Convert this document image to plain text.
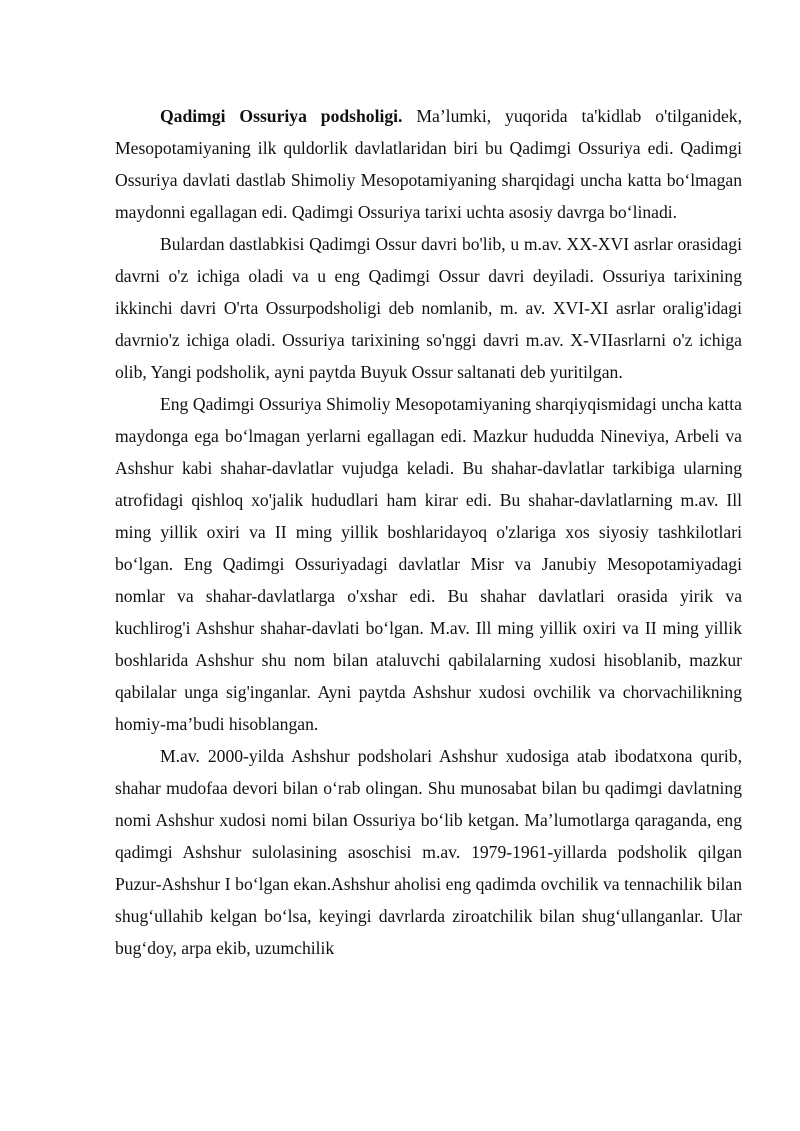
Qadimgi Ossuriya podsholigi. Ma’lumki, yuqorida ta'kidlab o'tilganidek, Mesopotamiyaning ilk quldorlik davlatlaridan biri bu Qadimgi Ossuriya edi. Qadimgi Ossuriya davlati dastlab Shimoliy Mesopotamiyaning sharqidagi uncha katta bo‘lmagan maydonni egallagan edi. Qadimgi Ossuriya tarixi uchta asosiy davrga bo‘linadi.

Bulardan dastlabkisi Qadimgi Ossur davri bo'lib, u m.av. XX-XVI asrlar orasidagi davrni o'z ichiga oladi va u eng Qadimgi Ossur davri deyiladi. Ossuriya tarixining ikkinchi davri O'rta Ossurpodsholigi deb nomlanib, m. av. XVI-XI asrlar oralig'idagi davrnio'z ichiga oladi. Ossuriya tarixining so'nggi davri m.av. X-VIIasrlarni o'z ichiga olib, Yangi podsholik, ayni paytda Buyuk Ossur saltanati deb yuritilgan.

Eng Qadimgi Ossuriya Shimoliy Mesopotamiyaning sharqiyqismidagi uncha katta maydonga ega bo‘lmagan yerlarni egallagan edi. Mazkur hududda Nineviya, Arbeli va Ashshur kabi shahar-davlatlar vujudga keladi. Bu shahar-davlatlar tarkibiga ularning atrofidagi qishloq xo'jalik hududlari ham kirar edi. Bu shahar-davlatlarning m.av. Ill ming yillik oxiri va II ming yillik boshlaridayoq o'zlariga xos siyosiy tashkilotlari bo‘lgan. Eng Qadimgi Ossuriyadagi davlatlar Misr va Janubiy Mesopotamiyadagi nomlar va shahar-davlatlarga o'xshar edi. Bu shahar davlatlari orasida yirik va kuchlirog'i Ashshur shahar-davlati bo‘lgan. M.av. Ill ming yillik oxiri va II ming yillik boshlarida Ashshur shu nom bilan ataluvchi qabilalarning xudosi hisoblanib, mazkur qabilalar unga sig'inganlar. Ayni paytda Ashshur xudosi ovchilik va chorvachilikning homiy-ma’budi hisoblangan.

M.av. 2000-yilda Ashshur podsholari Ashshur xudosiga atab ibodatxona qurib, shahar mudofaa devori bilan o‘rab olingan. Shu munosabat bilan bu qadimgi davlatning nomi Ashshur xudosi nomi bilan Ossuriya bo‘lib ketgan. Ma’lumotlarga qaraganda, eng qadimgi Ashshur sulolasining asoschisi m.av. 1979-1961-yillarda podsholik qilgan Puzur-Ashshur I bo‘lgan ekan.Ashshur aholisi eng qadimda ovchilik va tennachilik bilan shug‘ullahib kelgan bo‘lsa, keyingi davrlarda ziroatchilik bilan shug‘ullanganlar. Ular bug‘doy, arpa ekib, uzumchilik
